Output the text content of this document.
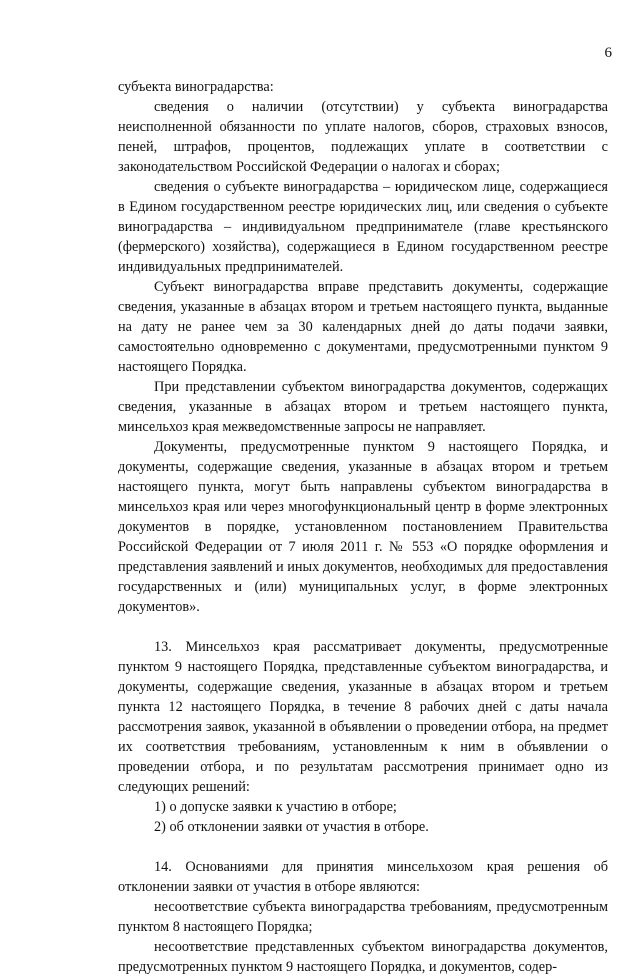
6

субъекта виноградарства:

сведения о наличии (отсутствии) у субъекта виноградарства неисполненной обязанности по уплате налогов, сборов, страховых взносов, пеней, штрафов, процентов, подлежащих уплате в соответствии с законодательством Российской Федерации о налогах и сборах;

сведения о субъекте виноградарства – юридическом лице, содержащиеся в Едином государственном реестре юридических лиц, или сведения о субъекте виноградарства – индивидуальном предпринимателе (главе крестьянского (фермерского) хозяйства), содержащиеся в Едином государственном реестре индивидуальных предпринимателей.

Субъект виноградарства вправе представить документы, содержащие сведения, указанные в абзацах втором и третьем настоящего пункта, выданные на дату не ранее чем за 30 календарных дней до даты подачи заявки, самостоятельно одновременно с документами, предусмотренными пунктом 9 настоящего Порядка.

При представлении субъектом виноградарства документов, содержащих сведения, указанные в абзацах втором и третьем настоящего пункта, минсельхоз края межведомственные запросы не направляет.

Документы, предусмотренные пунктом 9 настоящего Порядка, и документы, содержащие сведения, указанные в абзацах втором и третьем настоящего пункта, могут быть направлены субъектом виноградарства в минсельхоз края или через многофункциональный центр в форме электронных документов в порядке, установленном постановлением Правительства Российской Федерации от 7 июля 2011 г. № 553 «О порядке оформления и представления заявлений и иных документов, необходимых для предоставления государственных и (или) муниципальных услуг, в форме электронных документов».

13. Минсельхоз края рассматривает документы, предусмотренные пунктом 9 настоящего Порядка, представленные субъектом виноградарства, и документы, содержащие сведения, указанные в абзацах втором и третьем пункта 12 настоящего Порядка, в течение 8 рабочих дней с даты начала рассмотрения заявок, указанной в объявлении о проведении отбора, на предмет их соответствия требованиям, установленным к ним в объявлении о проведении отбора, и по результатам рассмотрения принимает одно из следующих решений:

1) о допуске заявки к участию в отборе;

2) об отклонении заявки от участия в отборе.

14. Основаниями для принятия минсельхозом края решения об отклонении заявки от участия в отборе являются:

несоответствие субъекта виноградарства требованиям, предусмотренным пунктом 8 настоящего Порядка;

несоответствие представленных субъектом виноградарства документов, предусмотренных пунктом 9 настоящего Порядка, и документов, содер-
